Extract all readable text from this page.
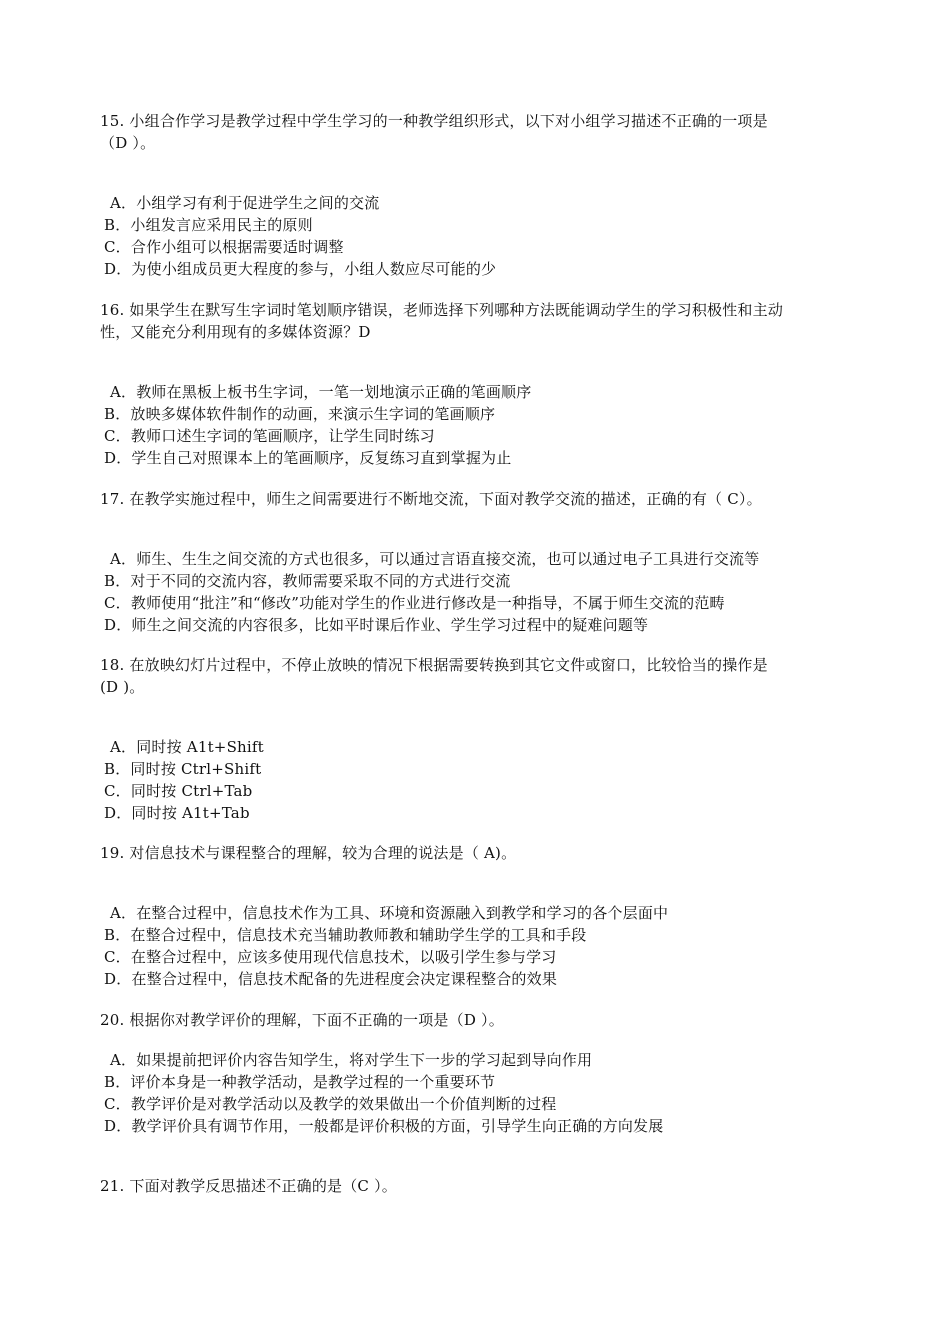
15. 小组合作学习是教学过程中学生学习的一种教学组织形式，以下对小组学习描述不正确的一项是
（D ）。
A．小组学习有利于促进学生之间的交流
B．小组发言应采用民主的原则
C．合作小组可以根据需要适时调整
D．为使小组成员更大程度的参与，小组人数应尽可能的少
16. 如果学生在默写生字词时笔划顺序错误，老师选择下列哪种方法既能调动学生的学习积极性和主动
性，又能充分利用现有的多媒体资源？D
A．教师在黑板上板书生字词，一笔一划地演示正确的笔画顺序
B．放映多媒体软件制作的动画，来演示生字词的笔画顺序
C．教师口述生字词的笔画顺序，让学生同时练习
D．学生自己对照课本上的笔画顺序，反复练习直到掌握为止
17. 在教学实施过程中，师生之间需要进行不断地交流，下面对教学交流的描述，正确的有（ C）。
A．师生、生生之间交流的方式也很多，可以通过言语直接交流，也可以通过电子工具进行交流等
B．对于不同的交流内容，教师需要采取不同的方式进行交流
C．教师使用“批注”和“修改”功能对学生的作业进行修改是一种指导，不属于师生交流的范畴
D．师生之间交流的内容很多，比如平时课后作业、学生学习过程中的疑难问题等
18. 在放映幻灯片过程中，不停止放映的情况下根据需要转换到其它文件或窗口，比较恰当的操作是
(D )。
A．同时按 A1t+Shift
B．同时按 Ctrl+Shift
C．同时按 Ctrl+Tab
D．同时按 A1t+Tab
19. 对信息技术与课程整合的理解，较为合理的说法是（ A)。
A．在整合过程中，信息技术作为工具、环境和资源融入到教学和学习的各个层面中
B．在整合过程中，信息技术充当辅助教师教和辅助学生学的工具和手段
C．在整合过程中，应该多使用现代信息技术，以吸引学生参与学习
D．在整合过程中，信息技术配备的先进程度会决定课程整合的效果
20. 根据你对教学评价的理解，下面不正确的一项是（D ）。
A．如果提前把评价内容告知学生，将对学生下一步的学习起到导向作用
B．评价本身是一种教学活动，是教学过程的一个重要环节
C．教学评价是对教学活动以及教学的效果做出一个价值判断的过程
D．教学评价具有调节作用，一般都是评价积极的方面，引导学生向正确的方向发展
21. 下面对教学反思描述不正确的是（C ）。
